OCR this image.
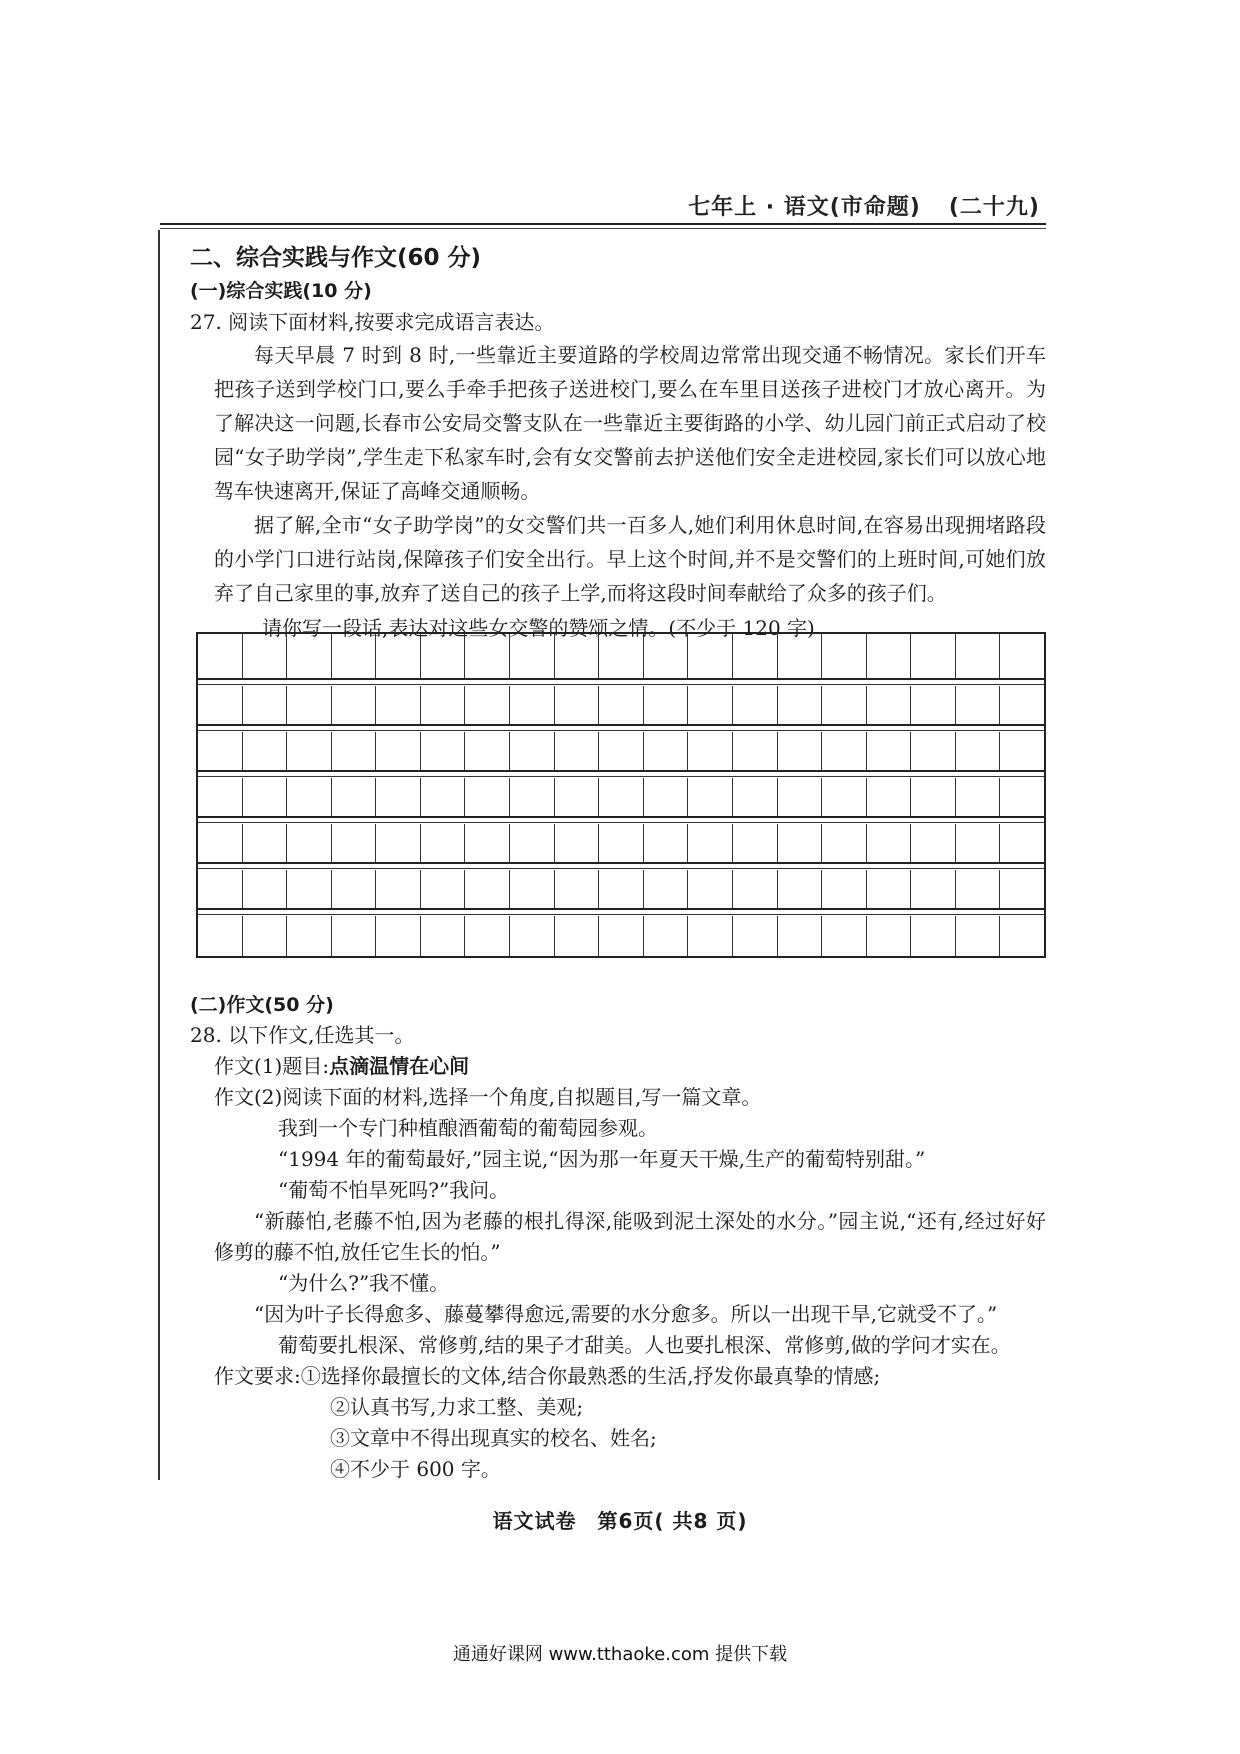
七年上 · 语文(市命题) (二十九)
二、综合实践与作文(60 分)
(一)综合实践(10 分)
27. 阅读下面材料,按要求完成语言表达。
每天早晨 7 时到 8 时,一些靠近主要道路的学校周边常常出现交通不畅情况。家长们开车把孩子送到学校门口,要么手牵手把孩子送进校门,要么在车里目送孩子进校门才放心离开。为了解决这一问题,长春市公安局交警支队在一些靠近主要街路的小学、幼儿园门前正式启动了校园“女子助学岗”,学生走下私家车时,会有女交警前去护送他们安全走进校园,家长们可以放心地驾车快速离开,保证了高峰交通顺畅。
据了解,全市“女子助学岗”的女交警们共一百多人,她们利用休息时间,在容易出现拥堵路段的小学门口进行站岗,保障孩子们安全出行。早上这个时间,并不是交警们的上班时间,可她们放弃了自己家里的事,放弃了送自己的孩子上学,而将这段时间奉献给了众多的孩子们。
请你写一段话,表达对这些女交警的赞颂之情。(不少于 120 字)
(二)作文(50 分)
28. 以下作文,任选其一。
作文(1)题目:点滴温情在心间
作文(2)阅读下面的材料,选择一个角度,自拟题目,写一篇文章。
我到一个专门种植酿酒葡萄的葡萄园参观。
“1994 年的葡萄最好,”园主说,“因为那一年夏天干燥,生产的葡萄特别甜。”
“葡萄不怕旱死吗?”我问。
“新藤怕,老藤不怕,因为老藤的根扎得深,能吸到泥土深处的水分。”园主说,“还有,经过好好修剪的藤不怕,放任它生长的怕。”
“为什么?”我不懂。
“因为叶子长得愈多、藤蔓攀得愈远,需要的水分愈多。所以一出现干旱,它就受不了。”
葡萄要扎根深、常修剪,结的果子才甜美。人也要扎根深、常修剪,做的学问才实在。
作文要求:①选择你最擅长的文体,结合你最熟悉的生活,抒发你最真挚的情感;
②认真书写,力求工整、美观;
③文章中不得出现真实的校名、姓名;
④不少于 600 字。
语文试卷　第6页( 共8 页)
通通好课网 www.tthaoke.com 提供下载
